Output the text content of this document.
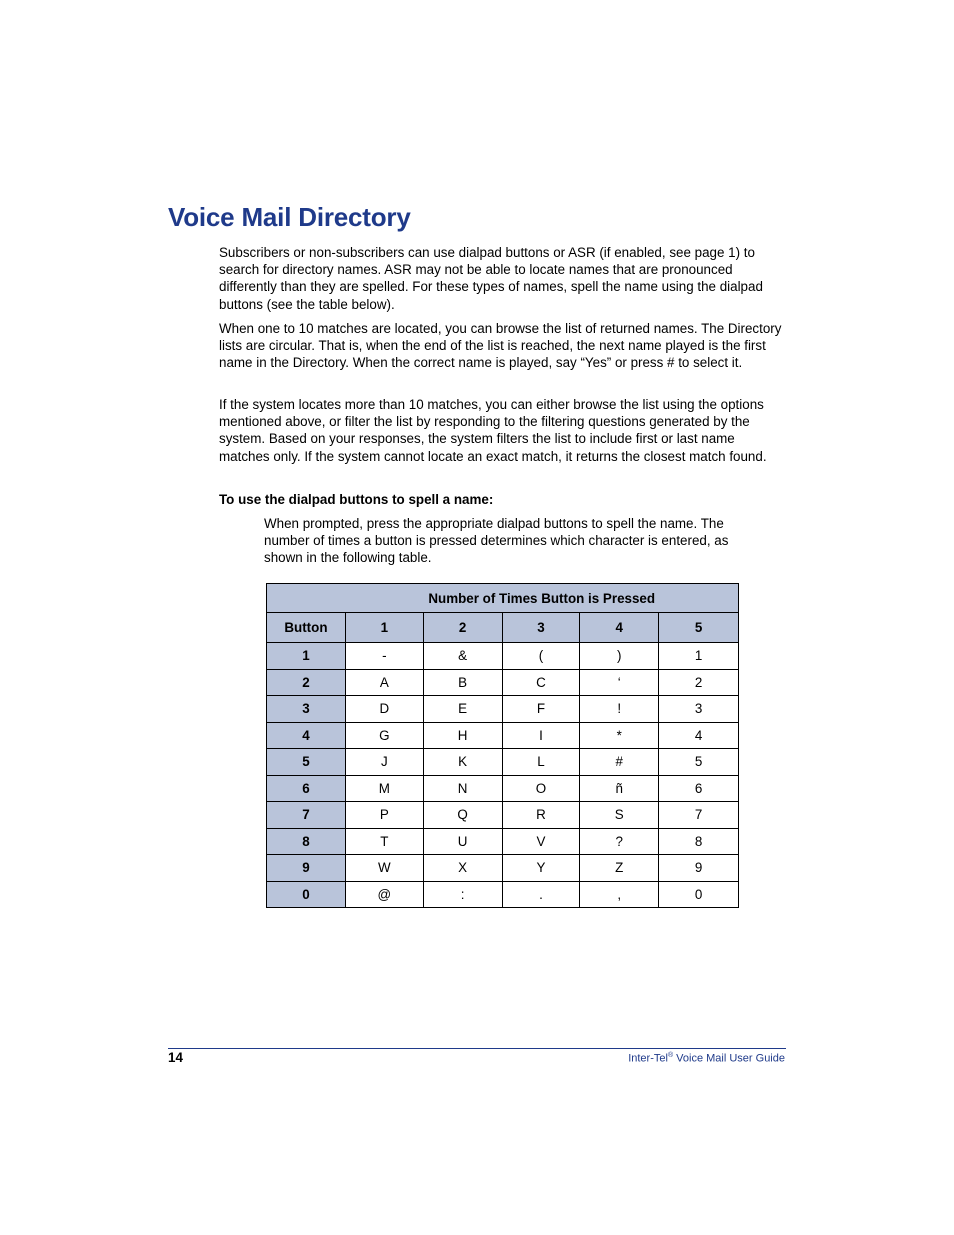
Voice Mail Directory

Subscribers or non-subscribers can use dialpad buttons or ASR (if enabled, see page 1) to search for directory names. ASR may not be able to locate names that are pronounced differently than they are spelled. For these types of names, spell the name using the dialpad buttons (see the table below).

When one to 10 matches are located, you can browse the list of returned names. The Directory lists are circular. That is, when the end of the list is reached, the next name played is the first name in the Directory. When the correct name is played, say “Yes” or press # to select it.

If the system locates more than 10 matches, you can either browse the list using the options mentioned above, or filter the list by responding to the filtering questions generated by the system. Based on your responses, the system filters the list to include first or last name matches only. If the system cannot locate an exact match, it returns the closest match found.

To use the dialpad buttons to spell a name:

When prompted, press the appropriate dialpad buttons to spell the name. The number of times a button is pressed determines which character is entered, as shown in the following table.

	Number of Times Button is Pressed				
Button	1	2	3	4	5
1	-	&	(	)	1
2	A	B	C	‘	2
3	D	E	F	!	3
4	G	H	I	*	4
5	J	K	L	#	5
6	M	N	O	ñ	6
7	P	Q	R	S	7
8	T	U	V	?	8
9	W	X	Y	Z	9
0	@	:	.	,	0
14	Inter-Tel® Voice Mail User Guide
